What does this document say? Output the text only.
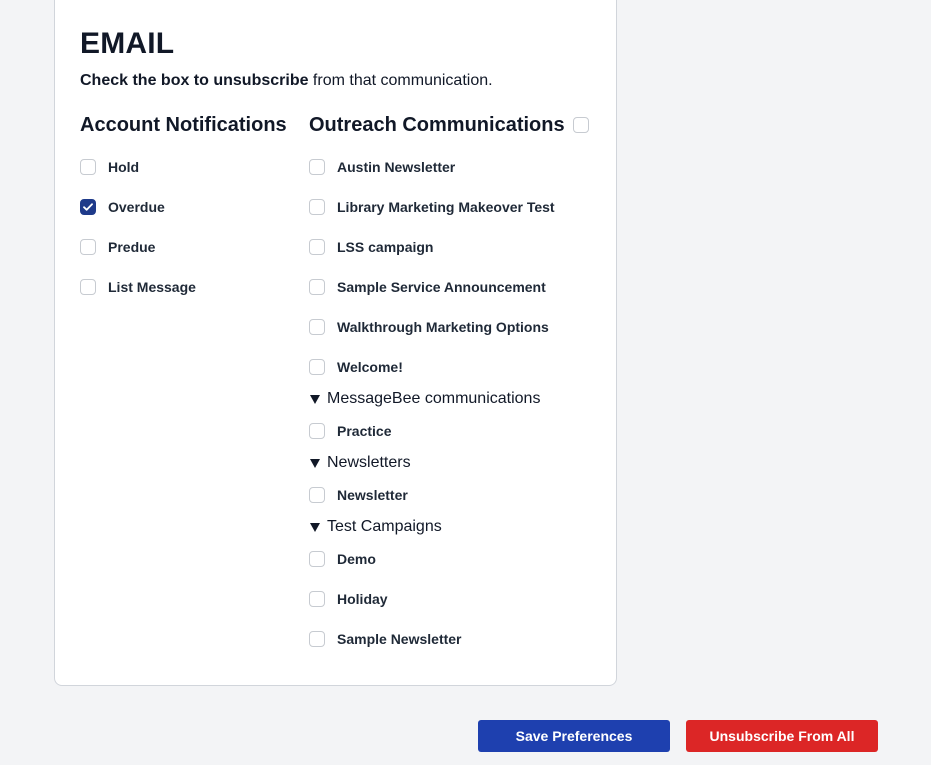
EMAIL
Check the box to unsubscribe from that communication.
Account Notifications
Hold
Overdue
Predue
List Message
Outreach Communications
Austin Newsletter
Library Marketing Makeover Test
LSS campaign
Sample Service Announcement
Walkthrough Marketing Options
Welcome!
MessageBee communications
Practice
Newsletters
Newsletter
Test Campaigns
Demo
Holiday
Sample Newsletter
Save Preferences	Unsubscribe From All
